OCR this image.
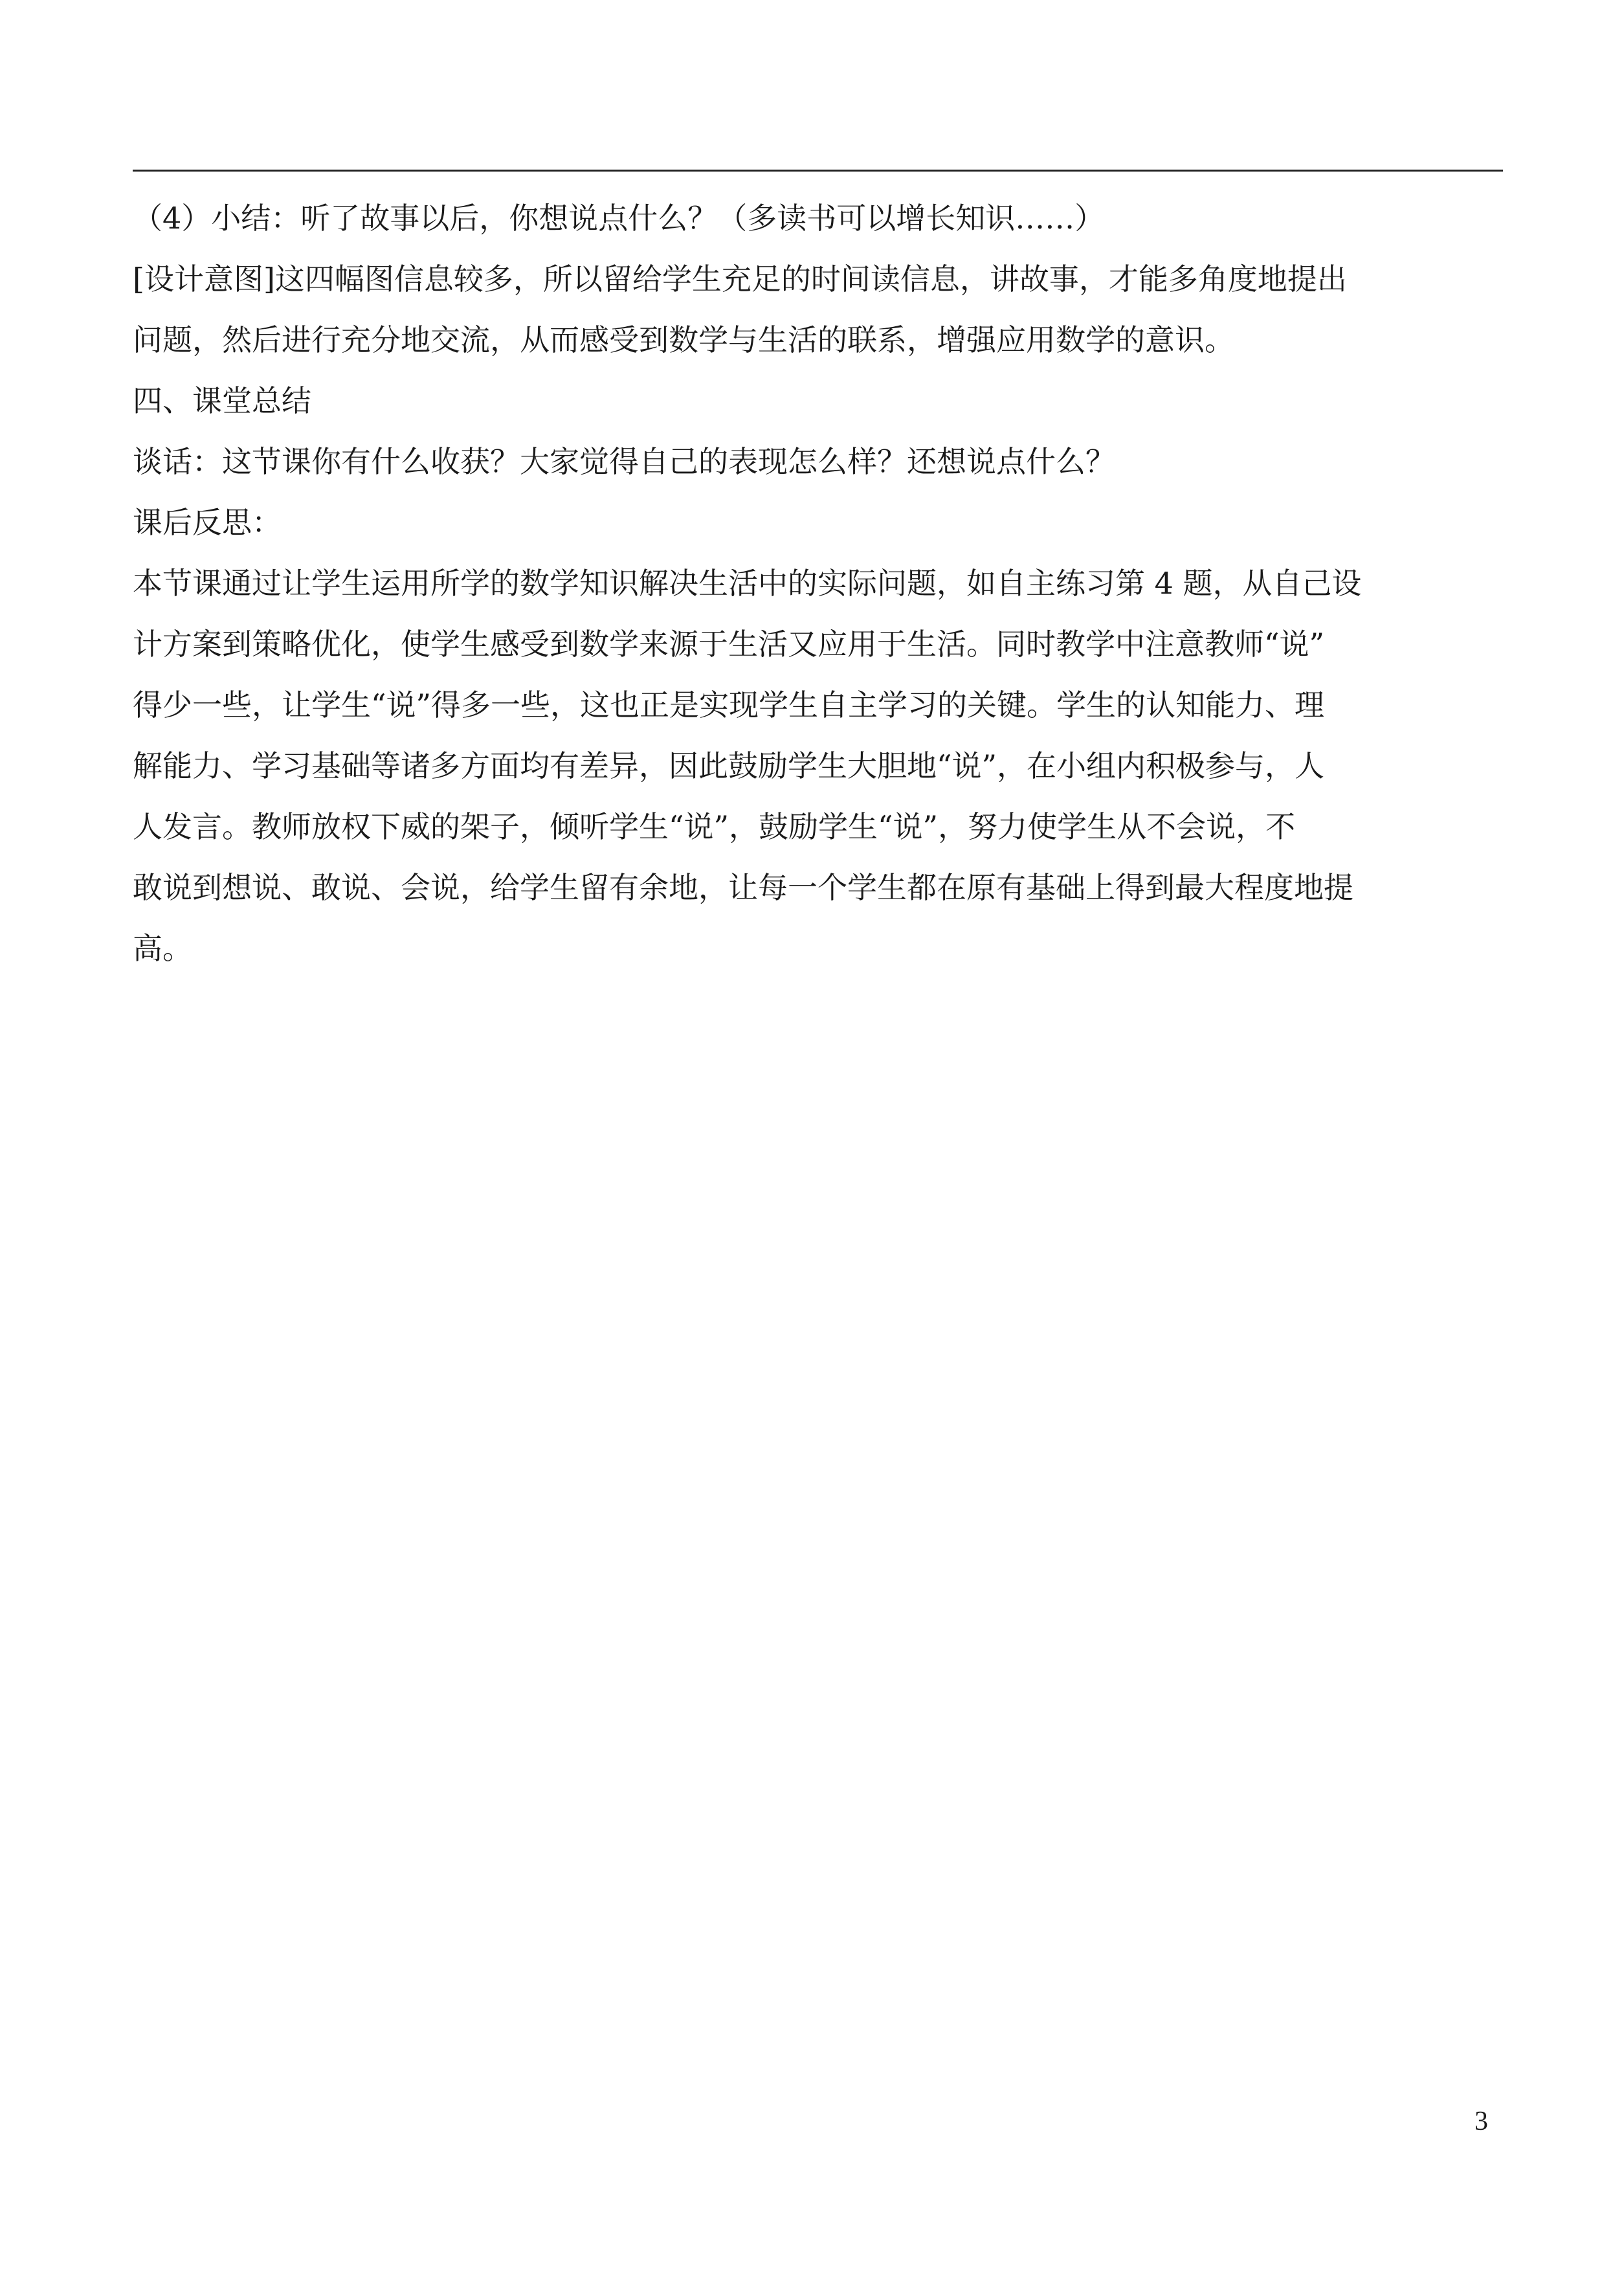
（4）小结：听了故事以后，你想说点什么？（多读书可以增长知识……）
[设计意图]这四幅图信息较多，所以留给学生充足的时间读信息，讲故事，才能多角度地提出
问题，然后进行充分地交流，从而感受到数学与生活的联系，增强应用数学的意识。
四、课堂总结
谈话：这节课你有什么收获？大家觉得自己的表现怎么样？还想说点什么？
课后反思：
本节课通过让学生运用所学的数学知识解决生活中的实际问题，如自主练习第 4 题，从自己设
计方案到策略优化，使学生感受到数学来源于生活又应用于生活。同时教学中注意教师“说”
得少一些，让学生“说”得多一些，这也正是实现学生自主学习的关键。学生的认知能力、理
解能力、学习基础等诸多方面均有差异，因此鼓励学生大胆地“说”，在小组内积极参与，人
人发言。教师放权下威的架子，倾听学生“说”，鼓励学生“说”，努力使学生从不会说，不
敢说到想说、敢说、会说，给学生留有余地，让每一个学生都在原有基础上得到最大程度地提
高。
3
